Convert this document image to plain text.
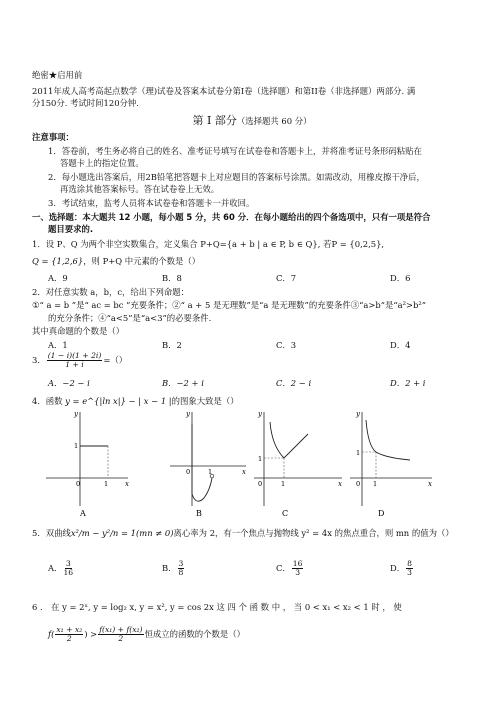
绝密★启用前
2011年成人高考高起点数学（理)试卷及答案本试卷分第I卷（选择题）和第II卷（非选择题）两部分. 满
分150分. 考试时间120分钟.
第 I 部分（选择题共 60 分）
注意事项：
1．答卷前，考生务必将自己的姓名、准考证号填写在试卷卷和答题卡上，并将准考证号条形码粘贴在
答题卡上的指定位置。
2．每小题选出答案后，用2B铅笔把答题卡上对应题目的答案标号涂黑。如需改动，用橡皮擦干净后，
再选涂其他答案标号。答在试卷卷上无效。
3．考试结束，监考人员将本试卷卷和答题卡一并收回。
一、选择题：本大题共 12 小题，每小题 5 分，共 60 分．在每小题给出的四个备选项中，只有一项是符合
题目要求的.
1．设 P、Q 为两个非空实数集合，定义集合 P+Q={a + b | a ∈ P, b ∈ Q}, 若P = {0,2,5},
Q = {1,2,6}，则 P+Q 中元素的个数是（）
A．9	B．8	C．7	D．6
2．对任意实数 a，b，c，给出下列命题：
①“ a = b ”是“ ac = bc ”充要条件；②“ a + 5 是无理数”是“a 是无理数”的充要条件③“a>b”是“a²>b²”
的充分条件；④“a<5”是“a<3”的必要条件.
其中真命题的个数是（）
A．1	B．2	C．3	D．4
3． $\frac{(1 - i)(1 + 2i)}{1 + i}$ =（）
A．−2 − i	B．−2 + i	C．2 − i	D．2 + i
4．函数 y = e^{|ln x|} − | x − 1 |的图象大致是（）
y
x
1
0	1
A
y
x
0	1
B
y
x
1
0	1
C
y
x
1
0 1
D
5．双曲线x²/m − y²/n = 1(mn ≠ 0)离心率为 2，有一个焦点与抛物线 y² = 4x 的焦点重合，则 mn 的值为（）
A． $\frac{3}{16}$	B． $\frac{3}{8}$	C． $\frac{16}{3}$	D． $\frac{8}{3}$
6 ． 在 y = 2ˣ, y = log₂ x, y = x², y = cos 2x 这 四 个 函 数 中 ， 当 0 < x₁ < x₂ < 1 时 ， 使
$f( \frac{\text{x₁ + x₂}}{2}$ ) > $\frac{\text{f(x₁) + f(x₂)}}{2}$ 恒成立的函数的个数是（）
